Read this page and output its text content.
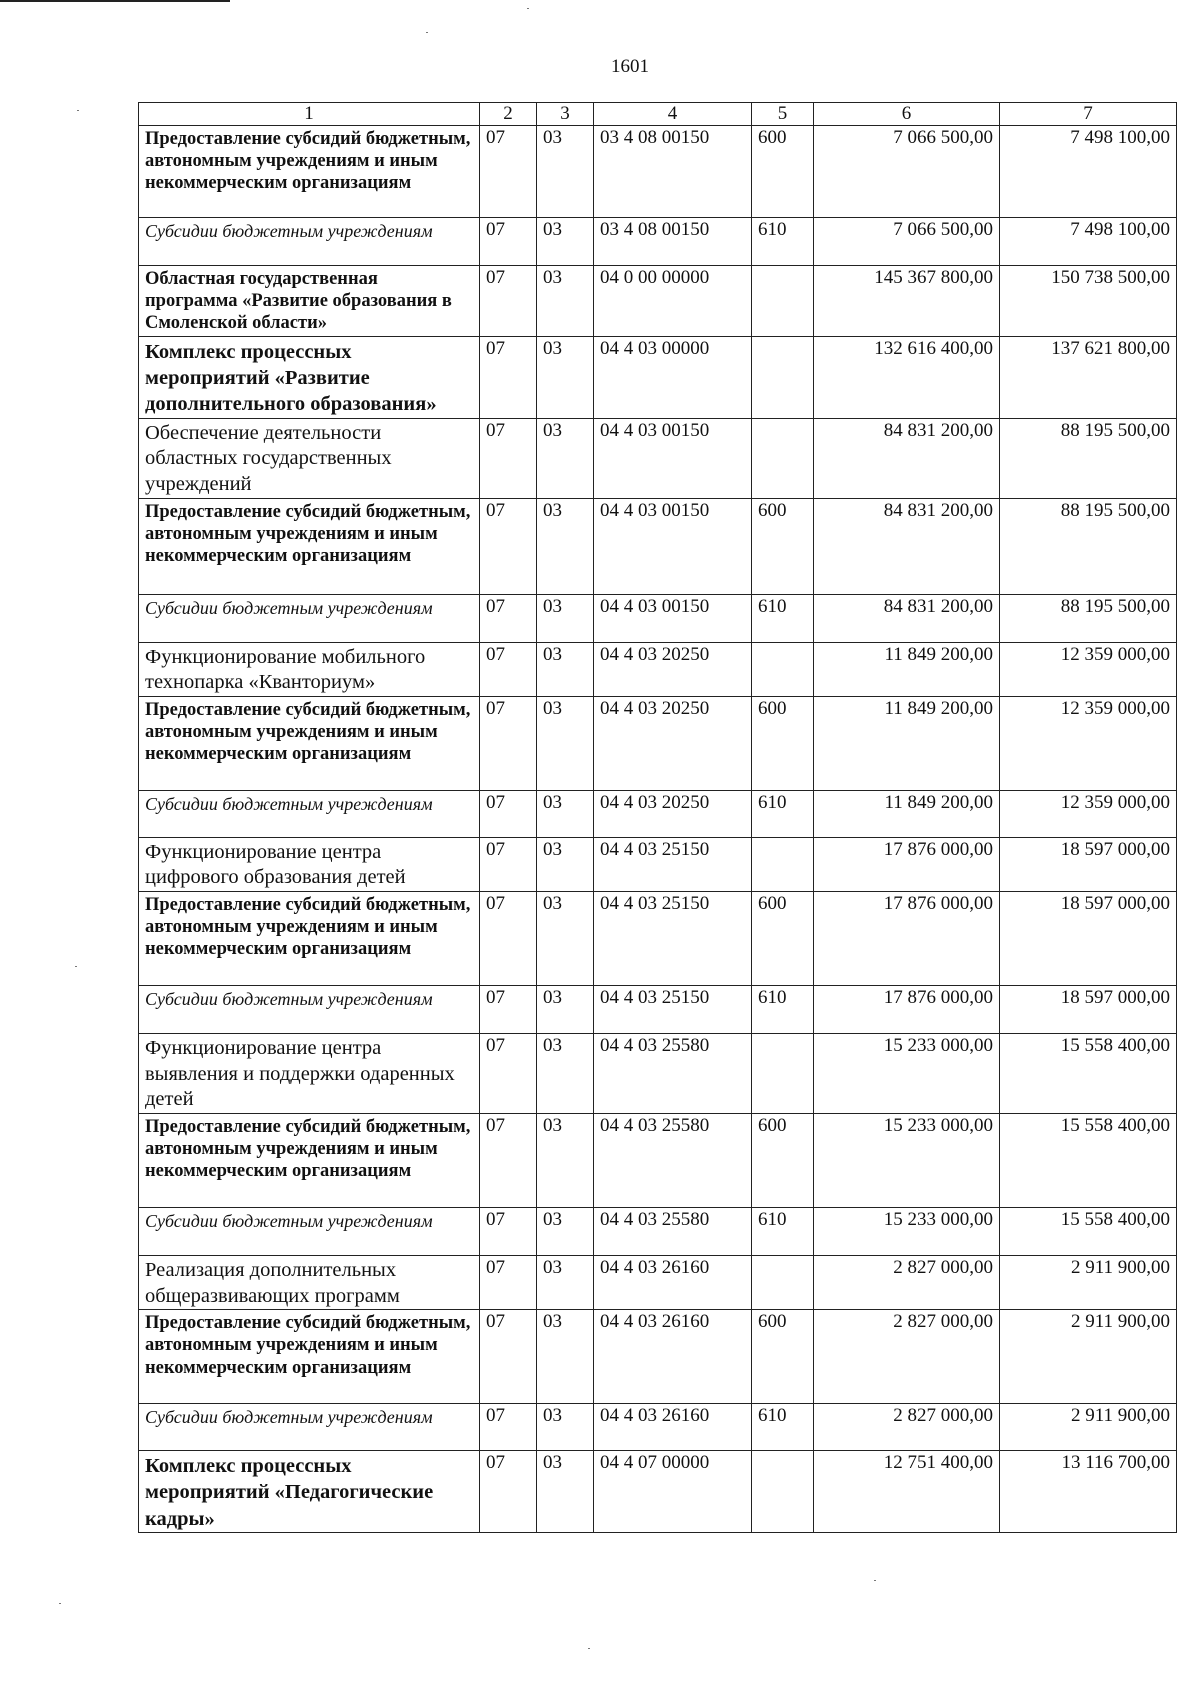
1601
1	2	3	4	5	6	7
Предоставление субсидий бюджетным, автономным учреждениям и иным некоммерческим организациям	07	03	03 4 08 00150	600	7 066 500,00	7 498 100,00
Субсидии бюджетным учреждениям	07	03	03 4 08 00150	610	7 066 500,00	7 498 100,00
Областная государственная программа «Развитие образования в Смоленской области»	07	03	04 0 00 00000		145 367 800,00	150 738 500,00
Комплекс процессных мероприятий «Развитие дополнительного образования»	07	03	04 4 03 00000		132 616 400,00	137 621 800,00
Обеспечение деятельности областных государственных учреждений	07	03	04 4 03 00150		84 831 200,00	88 195 500,00
Предоставление субсидий бюджетным, автономным учреждениям и иным некоммерческим организациям	07	03	04 4 03 00150	600	84 831 200,00	88 195 500,00
Субсидии бюджетным учреждениям	07	03	04 4 03 00150	610	84 831 200,00	88 195 500,00
Функционирование мобильного технопарка «Кванториум»	07	03	04 4 03 20250		11 849 200,00	12 359 000,00
Предоставление субсидий бюджетным, автономным учреждениям и иным некоммерческим организациям	07	03	04 4 03 20250	600	11 849 200,00	12 359 000,00
Субсидии бюджетным учреждениям	07	03	04 4 03 20250	610	11 849 200,00	12 359 000,00
Функционирование центра цифрового образования детей	07	03	04 4 03 25150		17 876 000,00	18 597 000,00
Предоставление субсидий бюджетным, автономным учреждениям и иным некоммерческим организациям	07	03	04 4 03 25150	600	17 876 000,00	18 597 000,00
Субсидии бюджетным учреждениям	07	03	04 4 03 25150	610	17 876 000,00	18 597 000,00
Функционирование центра выявления и поддержки одаренных детей	07	03	04 4 03 25580		15 233 000,00	15 558 400,00
Предоставление субсидий бюджетным, автономным учреждениям и иным некоммерческим организациям	07	03	04 4 03 25580	600	15 233 000,00	15 558 400,00
Субсидии бюджетным учреждениям	07	03	04 4 03 25580	610	15 233 000,00	15 558 400,00
Реализация дополнительных общеразвивающих программ	07	03	04 4 03 26160		2 827 000,00	2 911 900,00
Предоставление субсидий бюджетным, автономным учреждениям и иным некоммерческим организациям	07	03	04 4 03 26160	600	2 827 000,00	2 911 900,00
Субсидии бюджетным учреждениям	07	03	04 4 03 26160	610	2 827 000,00	2 911 900,00
Комплекс процессных мероприятий «Педагогические кадры»	07	03	04 4 07 00000		12 751 400,00	13 116 700,00
